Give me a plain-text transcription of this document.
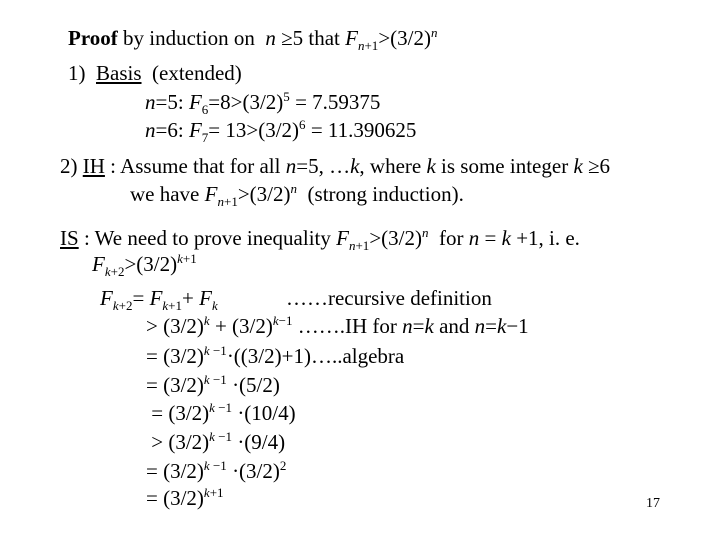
Proof by induction on  n ≥5 that $F_{n+1}>(3/2)^n$
1)  Basis  (extended)
n=5: $F_6=8>(3/2)^5 = 7.59375$
n=6: $F_7= 13>(3/2)^6 = 11.390625$
2) IH : Assume that for all n=5, …k, where k is some integer k ≥6
we have $F_{n+1}>(3/2)^n$  (strong induction).
IS : We need to prove inequality $F_{n+1}>(3/2)^n$  for n = k +1, i. e.
$F_{k+2}>(3/2)^{k+1}$
$F_{k+2}= F_{k+1}+ F_k$             ……recursive definition
> $(3/2)^k + (3/2)^{k-1}$ …….IH for n=k and n=k−1
= $(3/2)^k$ $^{-1}$·((3/2)+1)…..algebra
= $(3/2)^k$ $^{-1}$ ·(5/2)
= $(3/2)^k$ $^{-1}$ ·(10/4)
> $(3/2)^k$ $^{-1}$ ·(9/4)
= $(3/2)^k$ $^{-1} \cdot(3/2)^2$
= $(3/2)^{k+1}$
17
